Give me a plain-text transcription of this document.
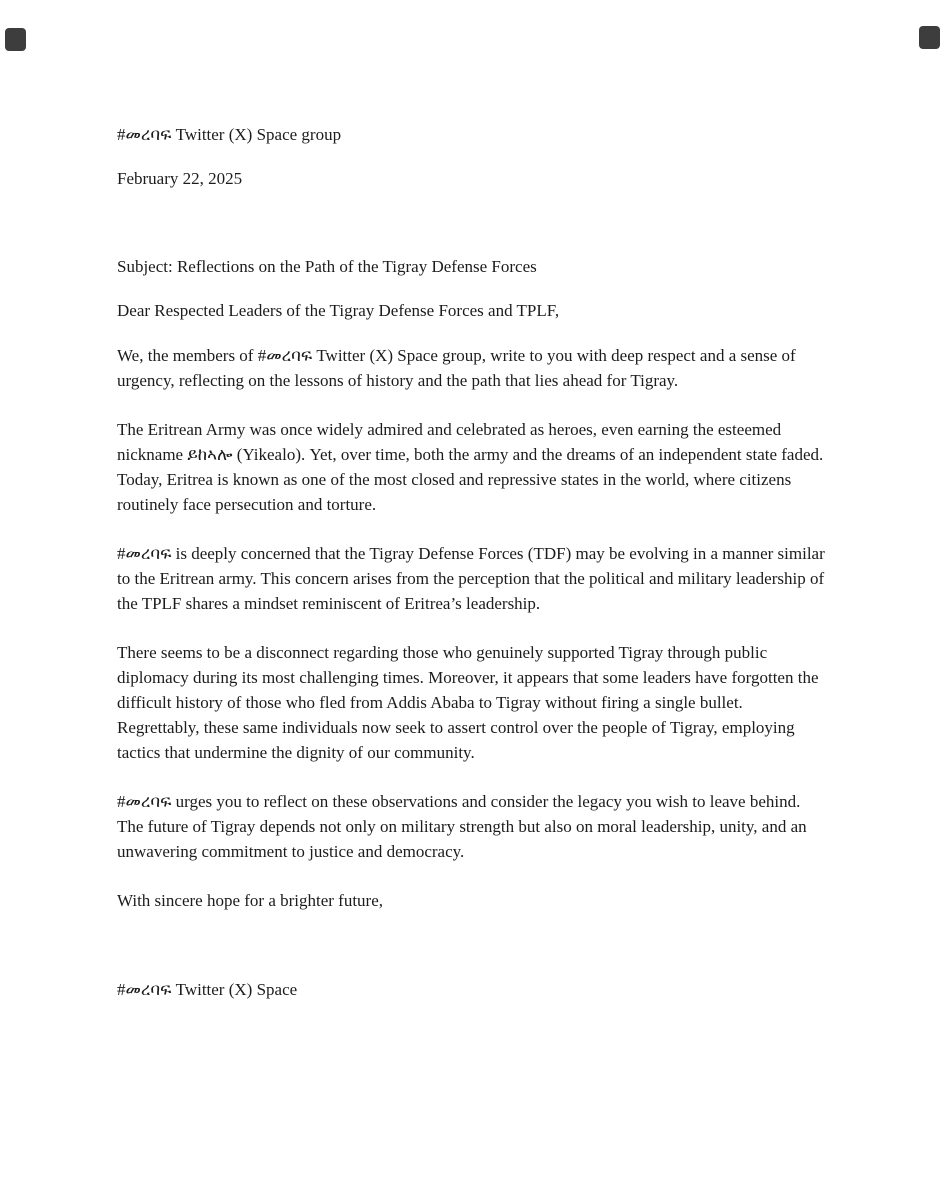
#መረባፍ Twitter (X) Space group

February 22, 2025

Subject: Reflections on the Path of the Tigray Defense Forces

Dear Respected Leaders of the Tigray Defense Forces and TPLF,

We, the members of #መረባፍ Twitter (X) Space group, write to you with deep respect and a sense of urgency, reflecting on the lessons of history and the path that lies ahead for Tigray.

The Eritrean Army was once widely admired and celebrated as heroes, even earning the esteemed nickname ይከኣሎ (Yikealo). Yet, over time, both the army and the dreams of an independent state faded. Today, Eritrea is known as one of the most closed and repressive states in the world, where citizens routinely face persecution and torture.

#መረባፍ is deeply concerned that the Tigray Defense Forces (TDF) may be evolving in a manner similar to the Eritrean army. This concern arises from the perception that the political and military leadership of the TPLF shares a mindset reminiscent of Eritrea’s leadership.

There seems to be a disconnect regarding those who genuinely supported Tigray through public diplomacy during its most challenging times. Moreover, it appears that some leaders have forgotten the difficult history of those who fled from Addis Ababa to Tigray without firing a single bullet. Regrettably, these same individuals now seek to assert control over the people of Tigray, employing tactics that undermine the dignity of our community.

#መረባፍ urges you to reflect on these observations and consider the legacy you wish to leave behind. The future of Tigray depends not only on military strength but also on moral leadership, unity, and an unwavering commitment to justice and democracy.

With sincere hope for a brighter future,

#መረባፍ Twitter (X) Space
